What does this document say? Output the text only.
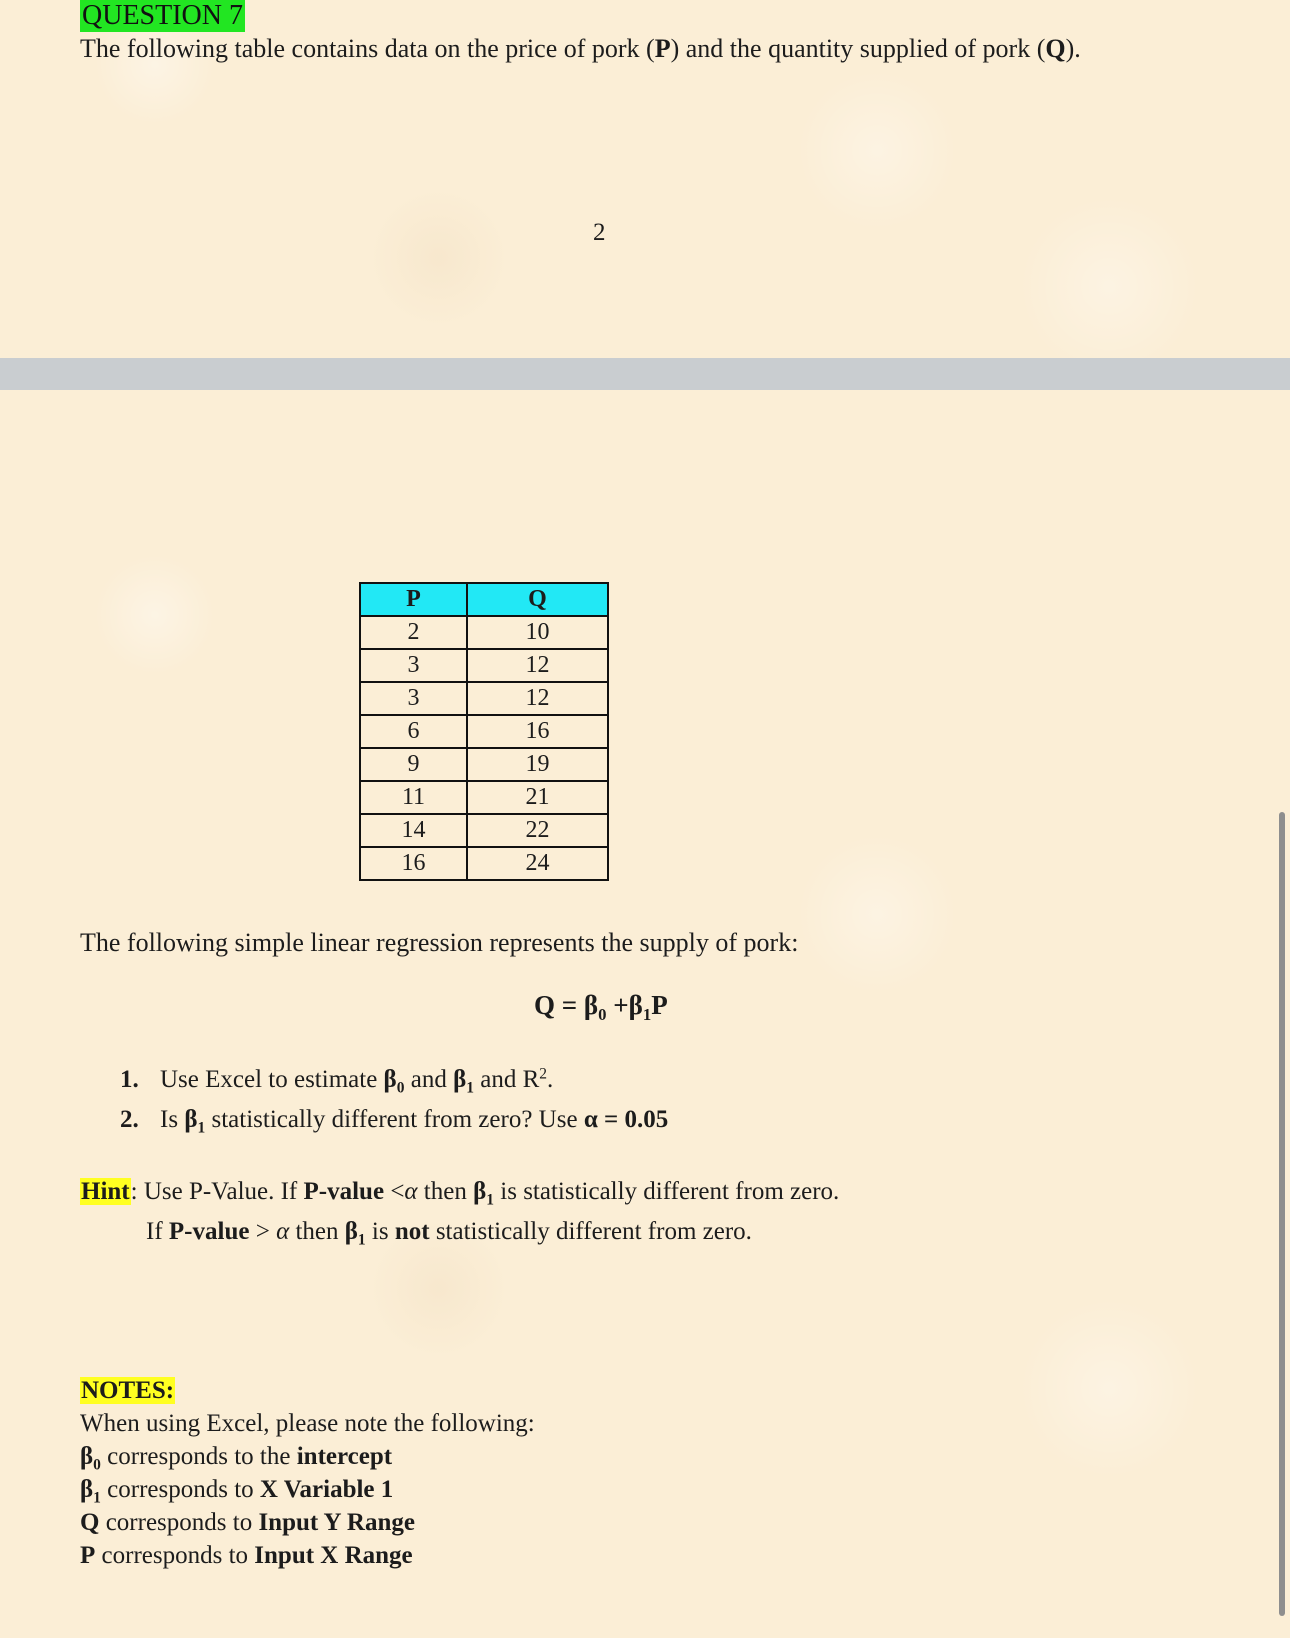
QUESTION 7
The following table contains data on the price of pork (P) and the quantity supplied of pork (Q).
2
P	Q
2	10
3	12
3	12
6	16
9	19
11	21
14	22
16	24
The following simple linear regression represents the supply of pork:
$Q = \beta_0 +\beta_1P$
1. Use Excel to estimate $\beta_0$ and $\beta_1$ and $R^2$.
2. Is $\beta_1$ statistically different from zero? Use α = 0.05
Hint: Use P-Value. If P-value <α then $\beta_1$ is statistically different from zero.
If P-value > α then $\beta_1$ is not statistically different from zero.
NOTES:
When using Excel, please note the following:
$\beta_0$ corresponds to the intercept
$\beta_1$ corresponds to X Variable 1
Q corresponds to Input Y Range
P corresponds to Input X Range
